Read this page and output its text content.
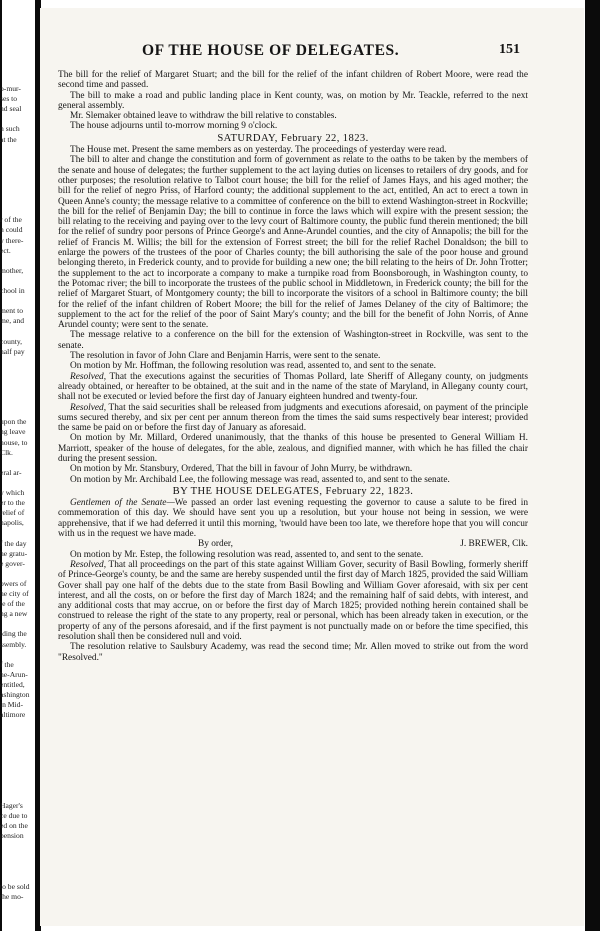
o-mur-
ses to
hd seal
n such
at the
r of the
n could
y there-
ect.
mother,
chool in
ment to
me, and
county,
half pay
upon the
ng leave
house, to
Clk.
eral ar-
y which
er to the
relief of
napolis,
f the day
he gratu-
e gover-
owers of
he city of
le of the
ng a new
lding the
ssembly.
f the
he-Arun-
entitled,
ashington
in Mid-
altimore
Hager's
ce due to
ed on the
pension
to be sold
the mo-
OF THE HOUSE OF DELEGATES.	151

The bill for the relief of Margaret Stuart; and the bill for the relief of the infant children of Robert Moore, were read the second time and passed.

The bill to make a road and public landing place in Kent county, was, on motion by Mr. Teackle, referred to the next general assembly.

Mr. Slemaker obtained leave to withdraw the bill relative to constables.

The house adjourns until to-morrow morning 9 o'clock.

SATURDAY, February 22, 1823.

The House met. Present the same members as on yesterday. The proceedings of yesterday were read.

The bill to alter and change the constitution and form of government as relate to the oaths to be taken by the members of the senate and house of delegates; the further supplement to the act laying duties on licenses to retailers of dry goods, and for other purposes; the resolution relative to Talbot court house; the bill for the relief of James Hays, and his aged mother; the bill for the relief of negro Priss, of Harford county; the additional supplement to the act, entitled, An act to erect a town in Queen Anne's county; the message relative to a committee of conference on the bill to extend Washington-street in Rockville; the bill for the relief of Benjamin Day; the bill to continue in force the laws which will expire with the present session; the bill relating to the receiving and paying over to the levy court of Baltimore county, the public fund therein mentioned; the bill for the relief of sundry poor persons of Prince George's and Anne-Arundel counties, and the city of Annapolis; the bill for the relief of Francis M. Willis; the bill for the extension of Forrest street; the bill for the relief Rachel Donaldson; the bill to enlarge the powers of the trustees of the poor of Charles county; the bill authorising the sale of the poor house and ground belonging thereto, in Frederick county, and to provide for building a new one; the bill relating to the heirs of Dr. John Trotter; the supplement to the act to incorporate a company to make a turnpike road from Boonsborough, in Washington county, to the Potomac river; the bill to incorporate the trustees of the public school in Middletown, in Frederick county; the bill for the relief of Margaret Stuart, of Montgomery county; the bill to incorporate the visitors of a school in Baltimore county; the bill for the relief of the infant children of Robert Moore; the bill for the relief of James Delaney of the city of Baltimore; the supplement to the act for the relief of the poor of Saint Mary's county; and the bill for the benefit of John Norris, of Anne Arundel county; were sent to the senate.

The message relative to a conference on the bill for the extension of Washington-street in Rockville, was sent to the senate.

The resolution in favor of John Clare and Benjamin Harris, were sent to the senate.

On motion by Mr. Hoffman, the following resolution was read, assented to, and sent to the senate.

Resolved, That the executions against the securities of Thomas Pollard, late Sheriff of Allegany county, on judgments already obtained, or hereafter to be obtained, at the suit and in the name of the state of Maryland, in Allegany county court, shall not be executed or levied before the first day of January eighteen hundred and twenty-four.

Resolved, That the said securities shall be released from judgments and executions aforesaid, on payment of the principle sums secured thereby, and six per cent per annum thereon from the times the said sums respectively bear interest; provided the same be paid on or before the first day of January as aforesaid.

On motion by Mr. Millard, Ordered unanimously, that the thanks of this house be presented to General William H. Marriott, speaker of the house of delegates, for the able, zealous, and dignified manner, with which he has filled the chair during the present session.

On motion by Mr. Stansbury, Ordered, That the bill in favour of John Murry, be withdrawn.

On motion by Mr. Archibald Lee, the following message was read, assented to, and sent to the senate.

BY THE HOUSE DELEGATES, February 22, 1823.

Gentlemen of the Senate—We passed an order last evening requesting the governor to cause a salute to be fired in commemoration of this day. We should have sent you up a resolution, but your house not being in session, we were apprehensive, that if we had deferred it until this morning, 'twould have been too late, we therefore hope that you will concur with us in the request we have made.

By order,	J. BREWER, Clk.

On motion by Mr. Estep, the following resolution was read, assented to, and sent to the senate.

Resolved, That all proceedings on the part of this state against William Gover, security of Basil Bowling, formerly sheriff of Prince-George's county, be and the same are hereby suspended until the first day of March 1825, provided the said William Gover shall pay one half of the debts due to the state from Basil Bowling and William Gover aforesaid, with six per cent interest, and all the costs, on or before the first day of March 1824; and the remaining half of said debts, with interest, and any additional costs that may accrue, on or before the first day of March 1825; provided nothing herein contained shall be construed to release the right of the state to any property, real or personal, which has been already taken in execution, or the property of any of the persons aforesaid, and if the first payment is not punctually made on or before the time specified, this resolution shall then be considered null and void.

The resolution relative to Saulsbury Academy, was read the second time; Mr. Allen moved to strike out from the word "Resolved."
